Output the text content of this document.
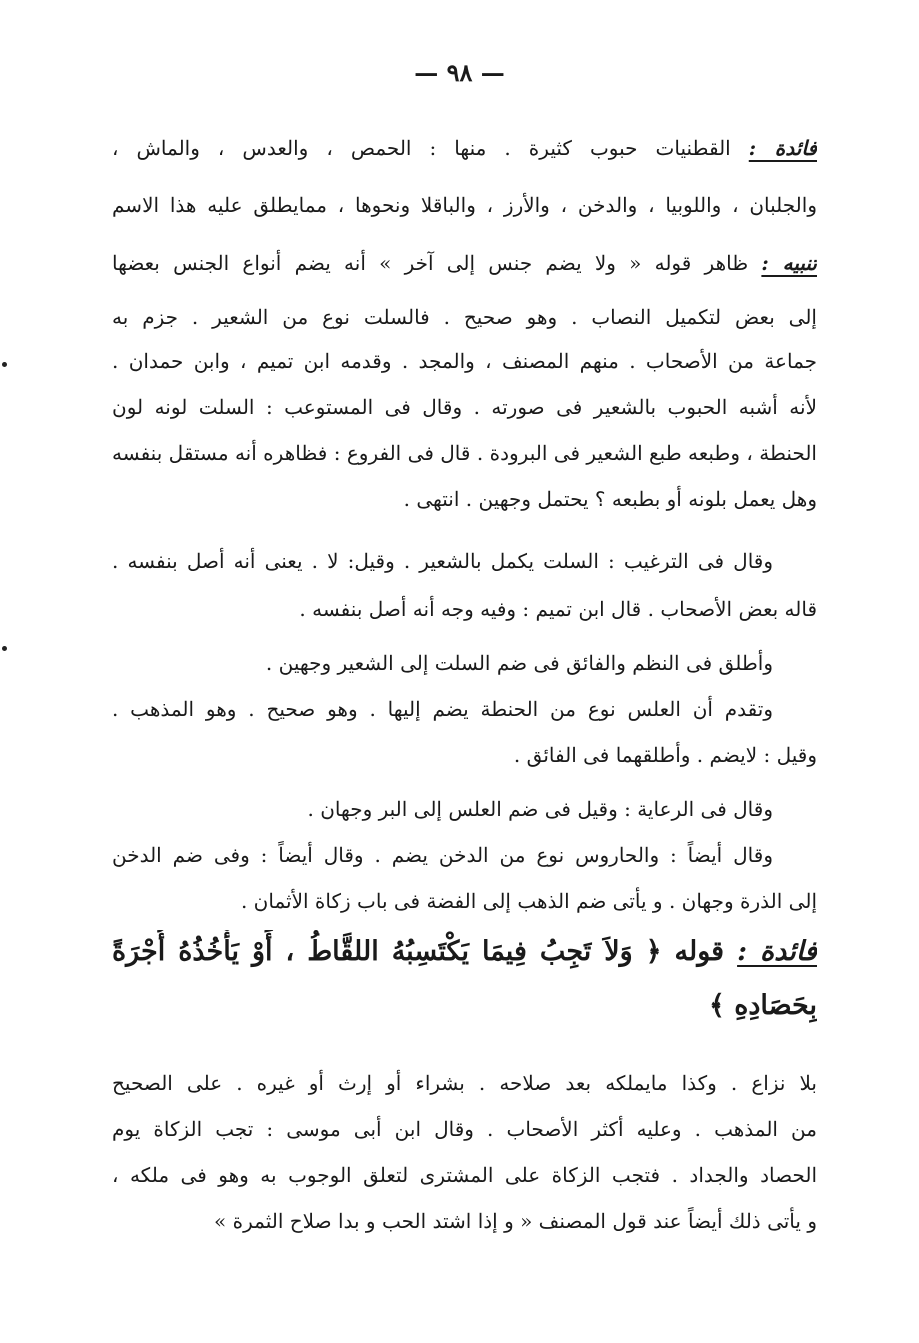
— ٩٨ —
فائدة : القطنيات حبوب كثيرة . منها : الحمص ، والعدس ، والماش ،
والجلبان ، واللوبيا ، والدخن ، والأرز ، والباقلا ونحوها ، ممايطلق عليه هذا الاسم
تنبيه : ظاهر قوله « ولا يضم جنس إلى آخر » أنه يضم أنواع الجنس بعضها
إلى بعض لتكميل النصاب . وهو صحيح . فالسلت نوع من الشعير . جزم به
جماعة من الأصحاب . منهم المصنف ، والمجد . وقدمه ابن تميم ، وابن حمدان .
لأنه أشبه الحبوب بالشعير فى صورته . وقال فى المستوعب : السلت لونه لون
الحنطة ، وطبعه طبع الشعير فى البرودة . قال فى الفروع : فظاهره أنه مستقل بنفسه
وهل يعمل بلونه أو بطبعه ؟ يحتمل وجهين . انتهى .
وقال فى الترغيب : السلت يكمل بالشعير . وقيل: لا . يعنى أنه أصل بنفسه .
قاله بعض الأصحاب . قال ابن تميم : وفيه وجه أنه أصل بنفسه .
وأطلق فى النظم والفائق فى ضم السلت إلى الشعير وجهين .
وتقدم أن العلس نوع من الحنطة يضم إليها . وهو صحيح . وهو المذهب .
وقيل : لايضم . وأطلقهما فى الفائق .
وقال فى الرعاية : وقيل فى ضم العلس إلى البر وجهان .
وقال أيضاً : والحاروس نوع من الدخن يضم . وقال أيضاً : وفى ضم الدخن
إلى الذرة وجهان . و يأتى ضم الذهب إلى الفضة فى باب زكاة الأثمان .
فائدة : قوله ﴿ وَلاَ تَجِبُ فِيمَا يَكْتَسِبُهُ اللقَّاطُ ، أَوْ يَأْخُذُهُ أُجْرَةً
بِحَصَادِهِ ﴾
بلا نزاع . وكذا مايملكه بعد صلاحه . بشراء أو إرث أو غيره . على الصحيح
من المذهب . وعليه أكثر الأصحاب . وقال ابن أبى موسى : تجب الزكاة يوم
الحصاد والجداد . فتجب الزكاة على المشترى لتعلق الوجوب به وهو فى ملكه ،
و يأتى ذلك أيضاً عند قول المصنف « و إذا اشتد الحب و بدا صلاح الثمرة »
